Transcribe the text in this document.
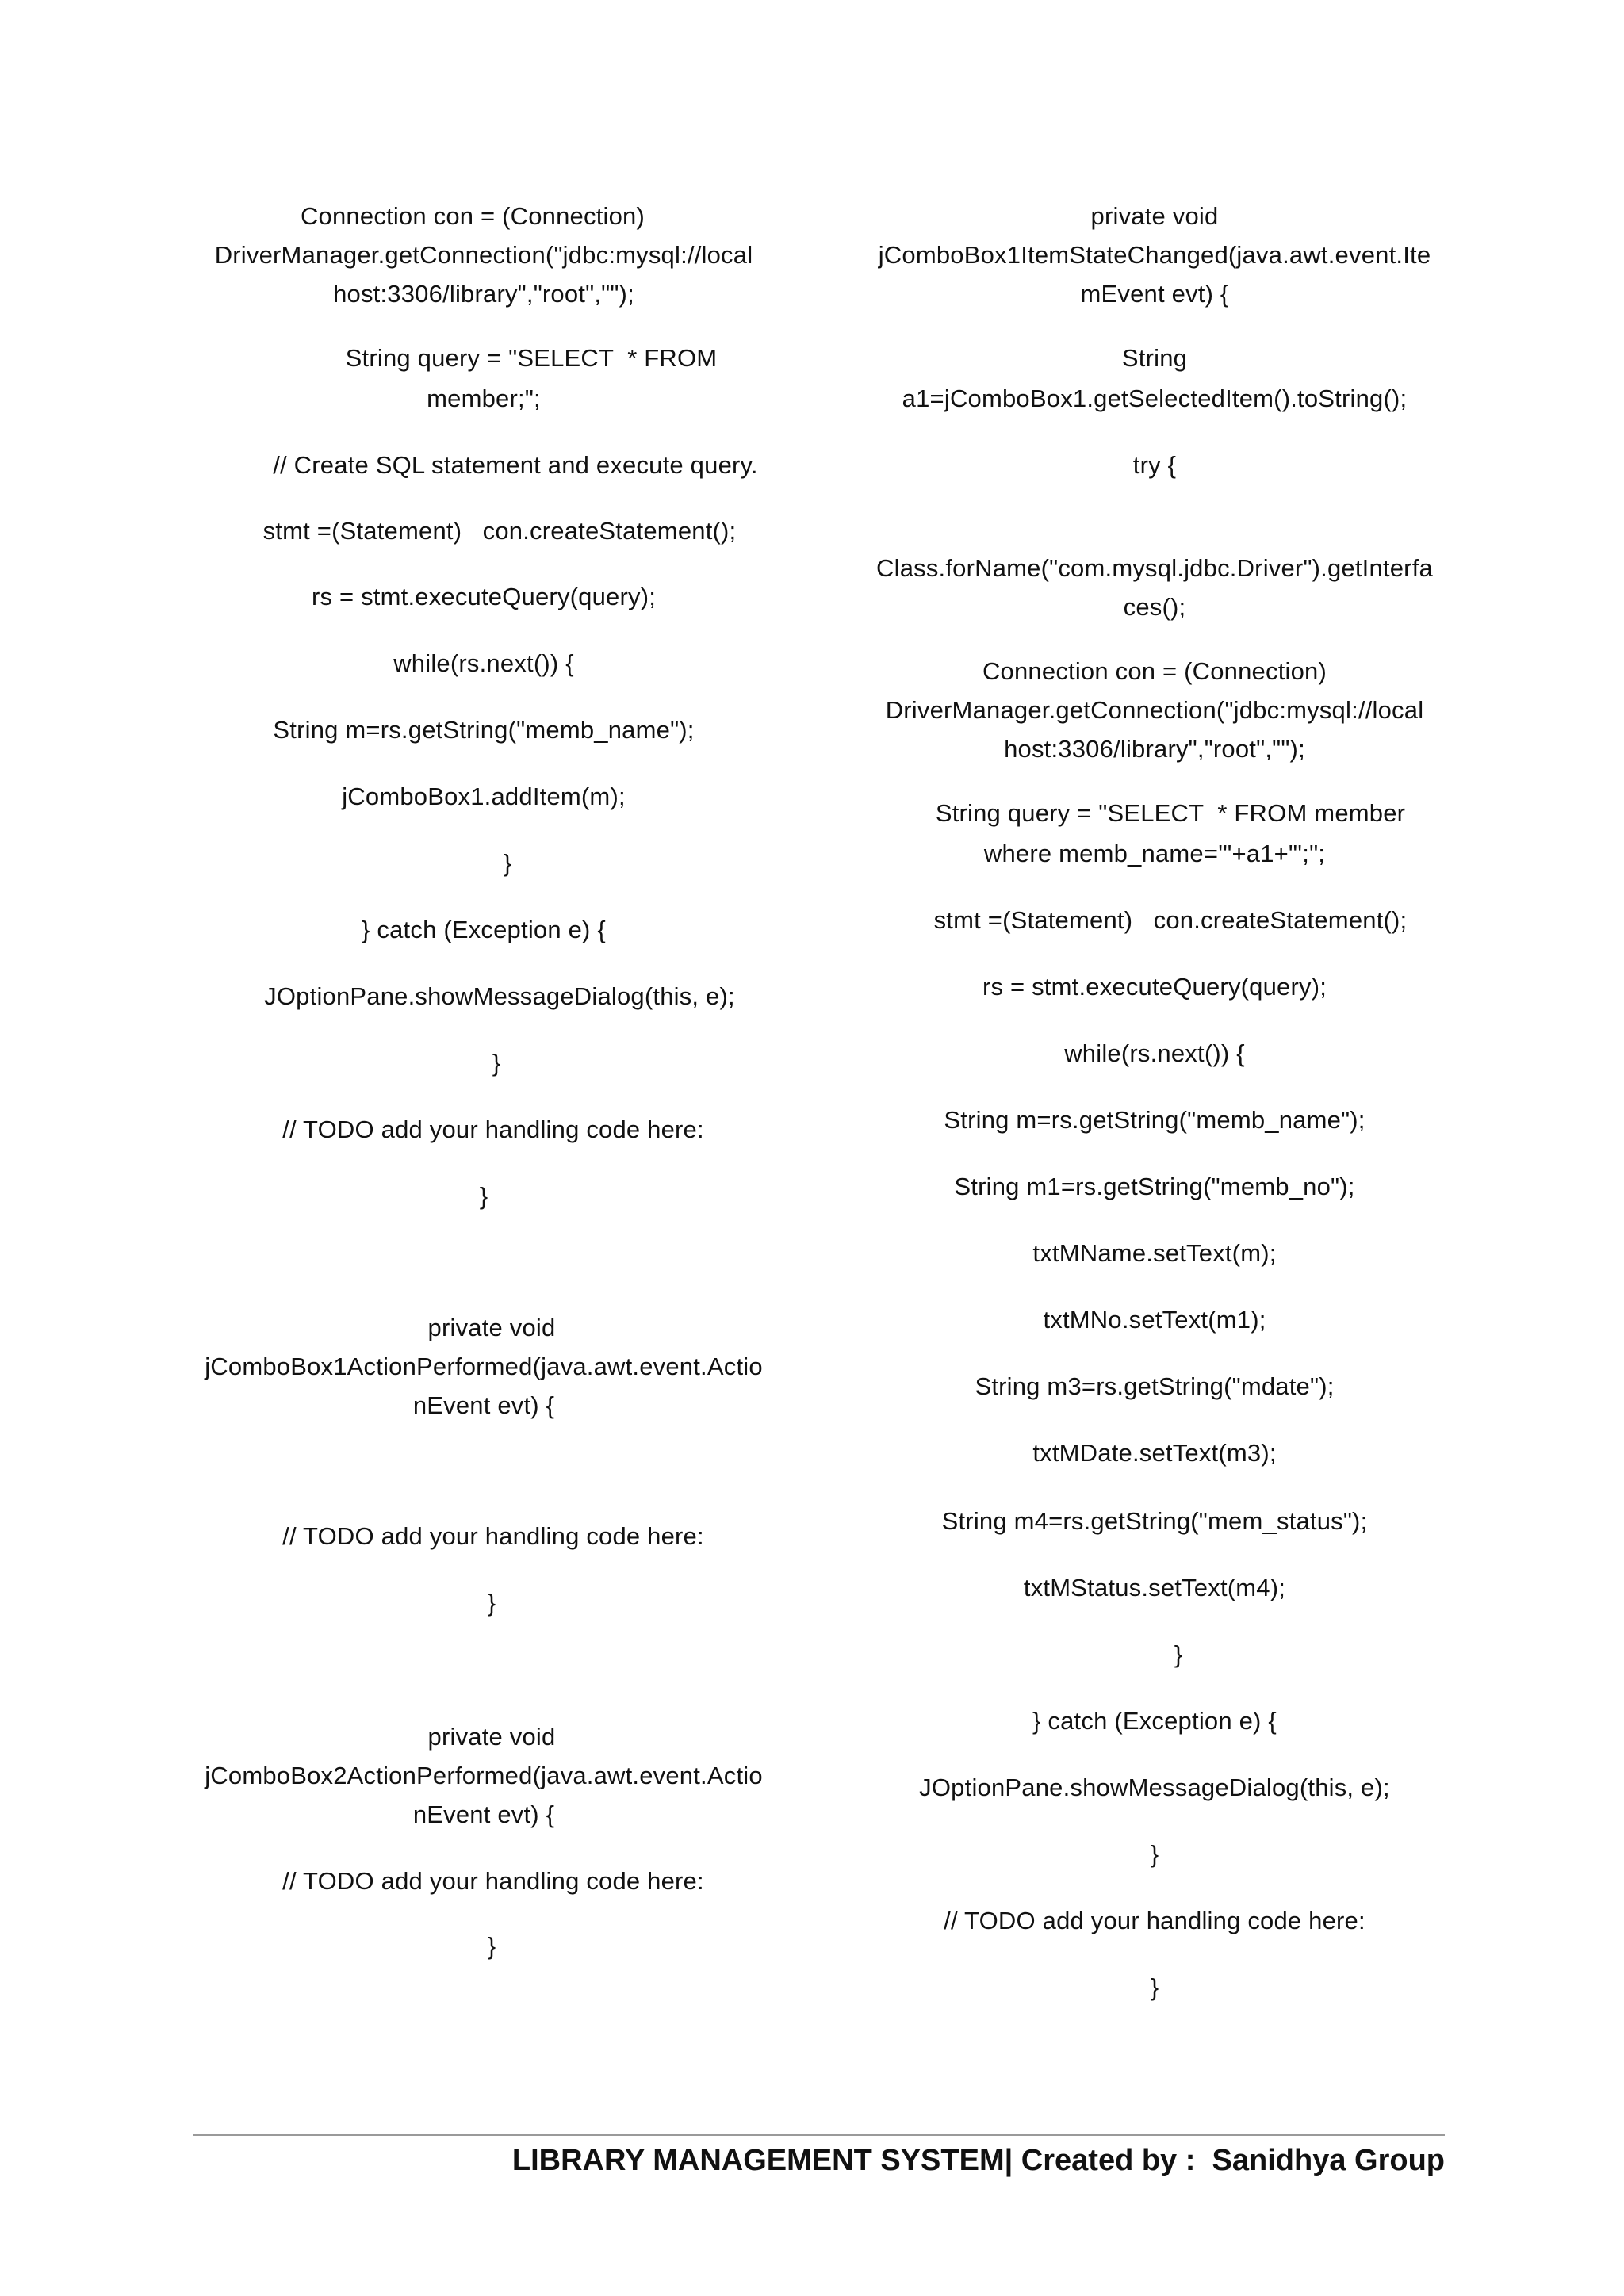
Connection con = (Connection)
DriverManager.getConnection("jdbc:mysql://local
host:3306/library","root","");
String query = "SELECT  * FROM
member;";
// Create SQL statement and execute query.
stmt =(Statement)   con.createStatement();
rs = stmt.executeQuery(query);
while(rs.next()) {
String m=rs.getString("memb_name");
jComboBox1.addItem(m);
}
} catch (Exception e) {
JOptionPane.showMessageDialog(this, e);
}
// TODO add your handling code here:
}
private void
jComboBox1ActionPerformed(java.awt.event.Actio
nEvent evt) {
// TODO add your handling code here:
}
private void
jComboBox2ActionPerformed(java.awt.event.Actio
nEvent evt) {
// TODO add your handling code here:
}
private void
jComboBox1ItemStateChanged(java.awt.event.Ite
mEvent evt) {
String
a1=jComboBox1.getSelectedItem().toString();
try {
Class.forName("com.mysql.jdbc.Driver").getInterfa
ces();
Connection con = (Connection)
DriverManager.getConnection("jdbc:mysql://local
host:3306/library","root","");
String query = "SELECT  * FROM member
where memb_name='"+a1+"';";
stmt =(Statement)   con.createStatement();
rs = stmt.executeQuery(query);
while(rs.next()) {
String m=rs.getString("memb_name");
String m1=rs.getString("memb_no");
txtMName.setText(m);
txtMNo.setText(m1);
String m3=rs.getString("mdate");
txtMDate.setText(m3);
String m4=rs.getString("mem_status");
txtMStatus.setText(m4);
}
} catch (Exception e) {
JOptionPane.showMessageDialog(this, e);
}
// TODO add your handling code here:
}
LIBRARY MANAGEMENT SYSTEM| Created by :  Sanidhya Group
